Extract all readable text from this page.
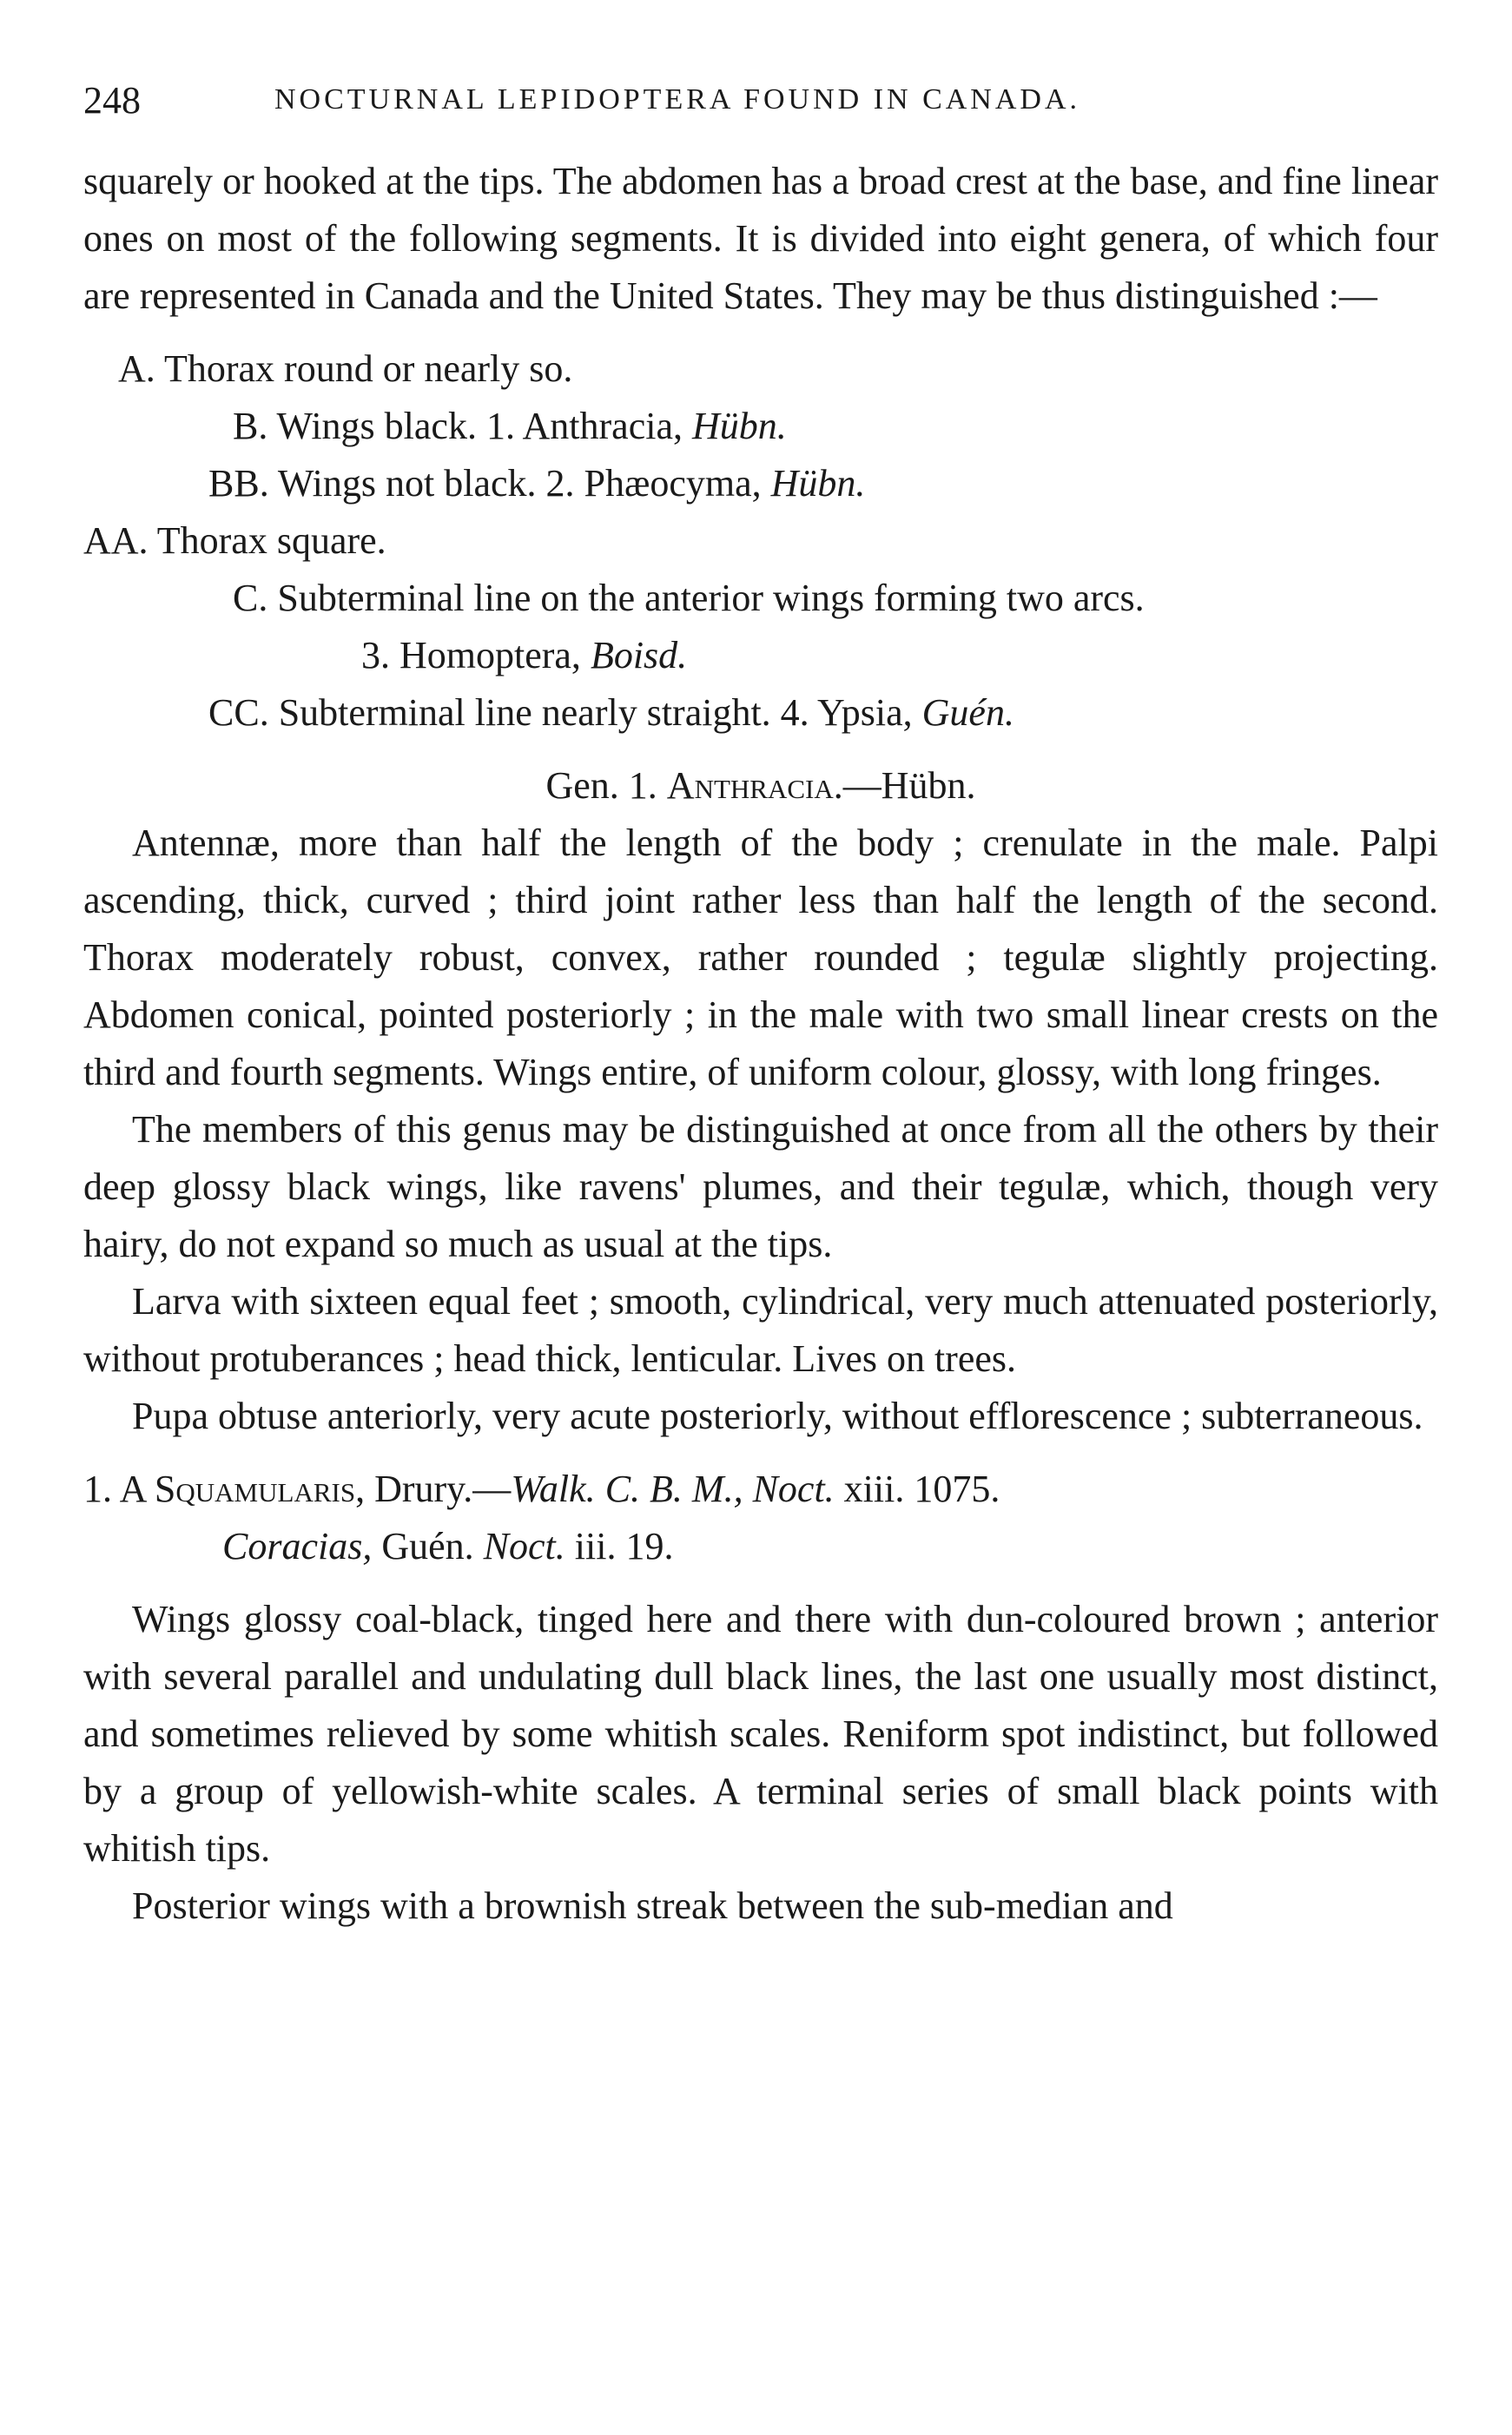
248	NOCTURNAL LEPIDOPTERA FOUND IN CANADA.

squarely or hooked at the tips. The abdomen has a broad crest at the base, and fine linear ones on most of the following segments. It is divided into eight genera, of which four are represented in Canada and the United States. They may be thus distinguished :—

A. Thorax round or nearly so.

B. Wings black. 1. Anthracia, Hübn.

BB. Wings not black. 2. Phæocyma, Hübn.

AA. Thorax square.

C. Subterminal line on the anterior wings forming two arcs.

3. Homoptera, Boisd.

CC. Subterminal line nearly straight. 4. Ypsia, Guén.

Gen. 1. Anthracia.—Hübn.

Antennæ, more than half the length of the body ; crenulate in the male. Palpi ascending, thick, curved ; third joint rather less than half the length of the second. Thorax moderately robust, convex, rather rounded ; tegulæ slightly projecting. Abdomen conical, pointed posteriorly ; in the male with two small linear crests on the third and fourth segments. Wings entire, of uniform colour, glossy, with long fringes.

The members of this genus may be distinguished at once from all the others by their deep glossy black wings, like ravens' plumes, and their tegulæ, which, though very hairy, do not expand so much as usual at the tips.

Larva with sixteen equal feet ; smooth, cylindrical, very much attenuated posteriorly, without protuberances ; head thick, lenticular. Lives on trees.

Pupa obtuse anteriorly, very acute posteriorly, without efflorescence ; subterraneous.

1. A Squamularis, Drury.—Walk. C. B. M., Noct. xiii. 1075.

Coracias, Guén. Noct. iii. 19.

Wings glossy coal-black, tinged here and there with dun-coloured brown ; anterior with several parallel and undulating dull black lines, the last one usually most distinct, and sometimes relieved by some whitish scales. Reniform spot indistinct, but followed by a group of yellowish-white scales. A terminal series of small black points with whitish tips.

Posterior wings with a brownish streak between the sub-median and
